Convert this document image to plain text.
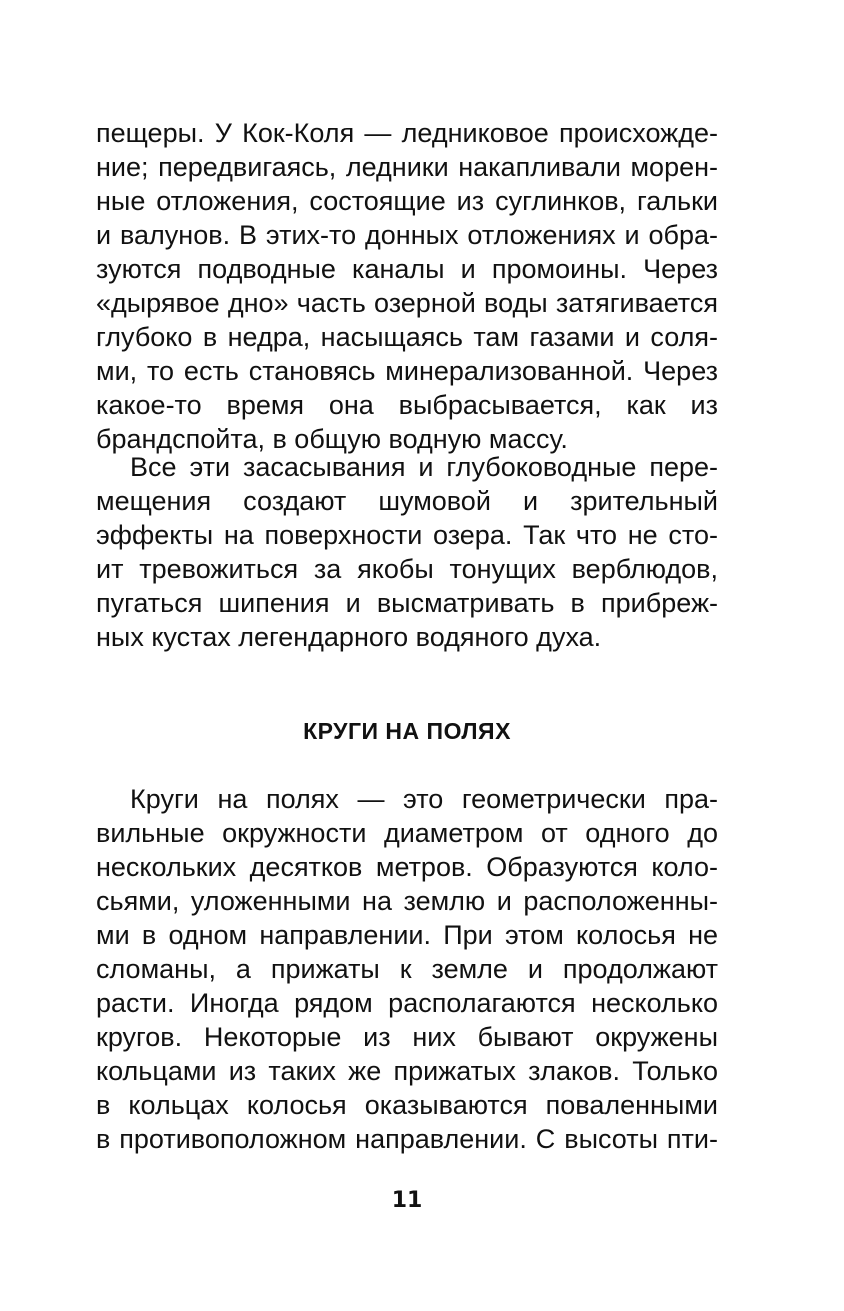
пещеры. У Кок-Коля — ледниковое происхожде-
ние; передвигаясь, ледники накапливали морен-
ные отложения, состоящие из суглинков, гальки
и валунов. В этих-то донных отложениях и обра-
зуются подводные каналы и промоины. Через
«дырявое дно» часть озерной воды затягивается
глубоко в недра, насыщаясь там газами и соля-
ми, то есть становясь минерализованной. Через
какое-то время она выбрасывается, как из
брандспойта, в общую водную массу.
Все эти засасывания и глубоководные пере-
мещения создают шумовой и зрительный
эффекты на поверхности озера. Так что не сто-
ит тревожиться за якобы тонущих верблюдов,
пугаться шипения и высматривать в прибреж-
ных кустах легендарного водяного духа.
КРУГИ НА ПОЛЯХ
Круги на полях — это геометрически пра-
вильные окружности диаметром от одного до
нескольких десятков метров. Образуются коло-
сьями, уложенными на землю и расположенны-
ми в одном направлении. При этом колосья не
сломаны, а прижаты к земле и продолжают
расти. Иногда рядом располагаются несколько
кругов. Некоторые из них бывают окружены
кольцами из таких же прижатых злаков. Только
в кольцах колосья оказываются поваленными
в противоположном направлении. С высоты пти-
11
